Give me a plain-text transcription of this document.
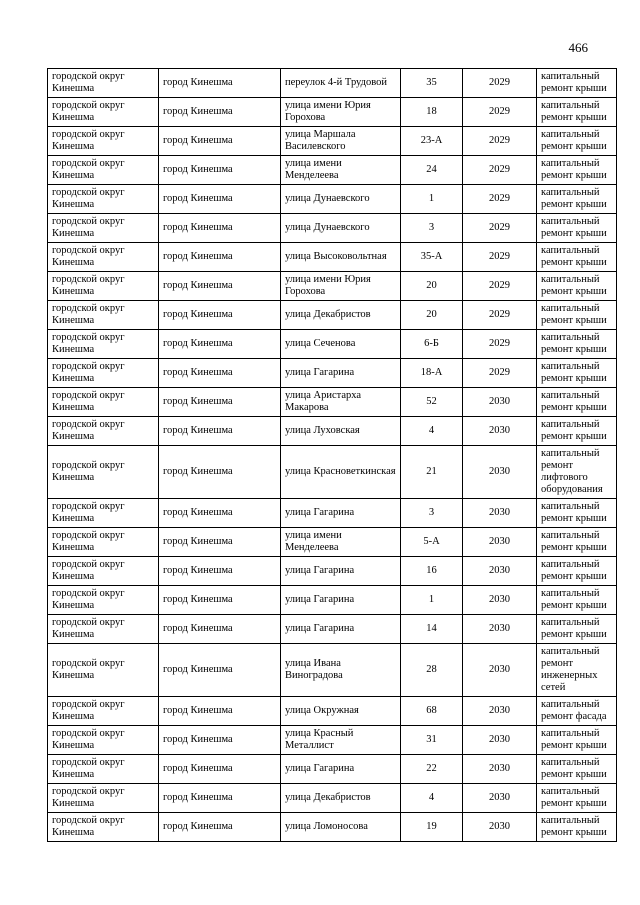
466
городской округ Кинешма	город Кинешма	переулок 4-й Трудовой	35	2029	капитальный ремонт крыши
городской округ Кинешма	город Кинешма	улица имени Юрия Горохова	18	2029	капитальный ремонт крыши
городской округ Кинешма	город Кинешма	улица Маршала Василевского	23-А	2029	капитальный ремонт крыши
городской округ Кинешма	город Кинешма	улица имени Менделеева	24	2029	капитальный ремонт крыши
городской округ Кинешма	город Кинешма	улица Дунаевского	1	2029	капитальный ремонт крыши
городской округ Кинешма	город Кинешма	улица Дунаевского	3	2029	капитальный ремонт крыши
городской округ Кинешма	город Кинешма	улица Высоковольтная	35-А	2029	капитальный ремонт крыши
городской округ Кинешма	город Кинешма	улица имени Юрия Горохова	20	2029	капитальный ремонт крыши
городской округ Кинешма	город Кинешма	улица Декабристов	20	2029	капитальный ремонт крыши
городской округ Кинешма	город Кинешма	улица Сеченова	6-Б	2029	капитальный ремонт крыши
городской округ Кинешма	город Кинешма	улица Гагарина	18-А	2029	капитальный ремонт крыши
городской округ Кинешма	город Кинешма	улица Аристарха Макарова	52	2030	капитальный ремонт крыши
городской округ Кинешма	город Кинешма	улица Луховская	4	2030	капитальный ремонт крыши
городской округ Кинешма	город Кинешма	улица Красноветкинская	21	2030	капитальный ремонт лифтового оборудования
городской округ Кинешма	город Кинешма	улица Гагарина	3	2030	капитальный ремонт крыши
городской округ Кинешма	город Кинешма	улица имени Менделеева	5-А	2030	капитальный ремонт крыши
городской округ Кинешма	город Кинешма	улица Гагарина	16	2030	капитальный ремонт крыши
городской округ Кинешма	город Кинешма	улица Гагарина	1	2030	капитальный ремонт крыши
городской округ Кинешма	город Кинешма	улица Гагарина	14	2030	капитальный ремонт крыши
городской округ Кинешма	город Кинешма	улица Ивана Виноградова	28	2030	капитальный ремонт инженерных сетей
городской округ Кинешма	город Кинешма	улица Окружная	68	2030	капитальный ремонт фасада
городской округ Кинешма	город Кинешма	улица Красный Металлист	31	2030	капитальный ремонт крыши
городской округ Кинешма	город Кинешма	улица Гагарина	22	2030	капитальный ремонт крыши
городской округ Кинешма	город Кинешма	улица Декабристов	4	2030	капитальный ремонт крыши
городской округ Кинешма	город Кинешма	улица Ломоносова	19	2030	капитальный ремонт крыши
